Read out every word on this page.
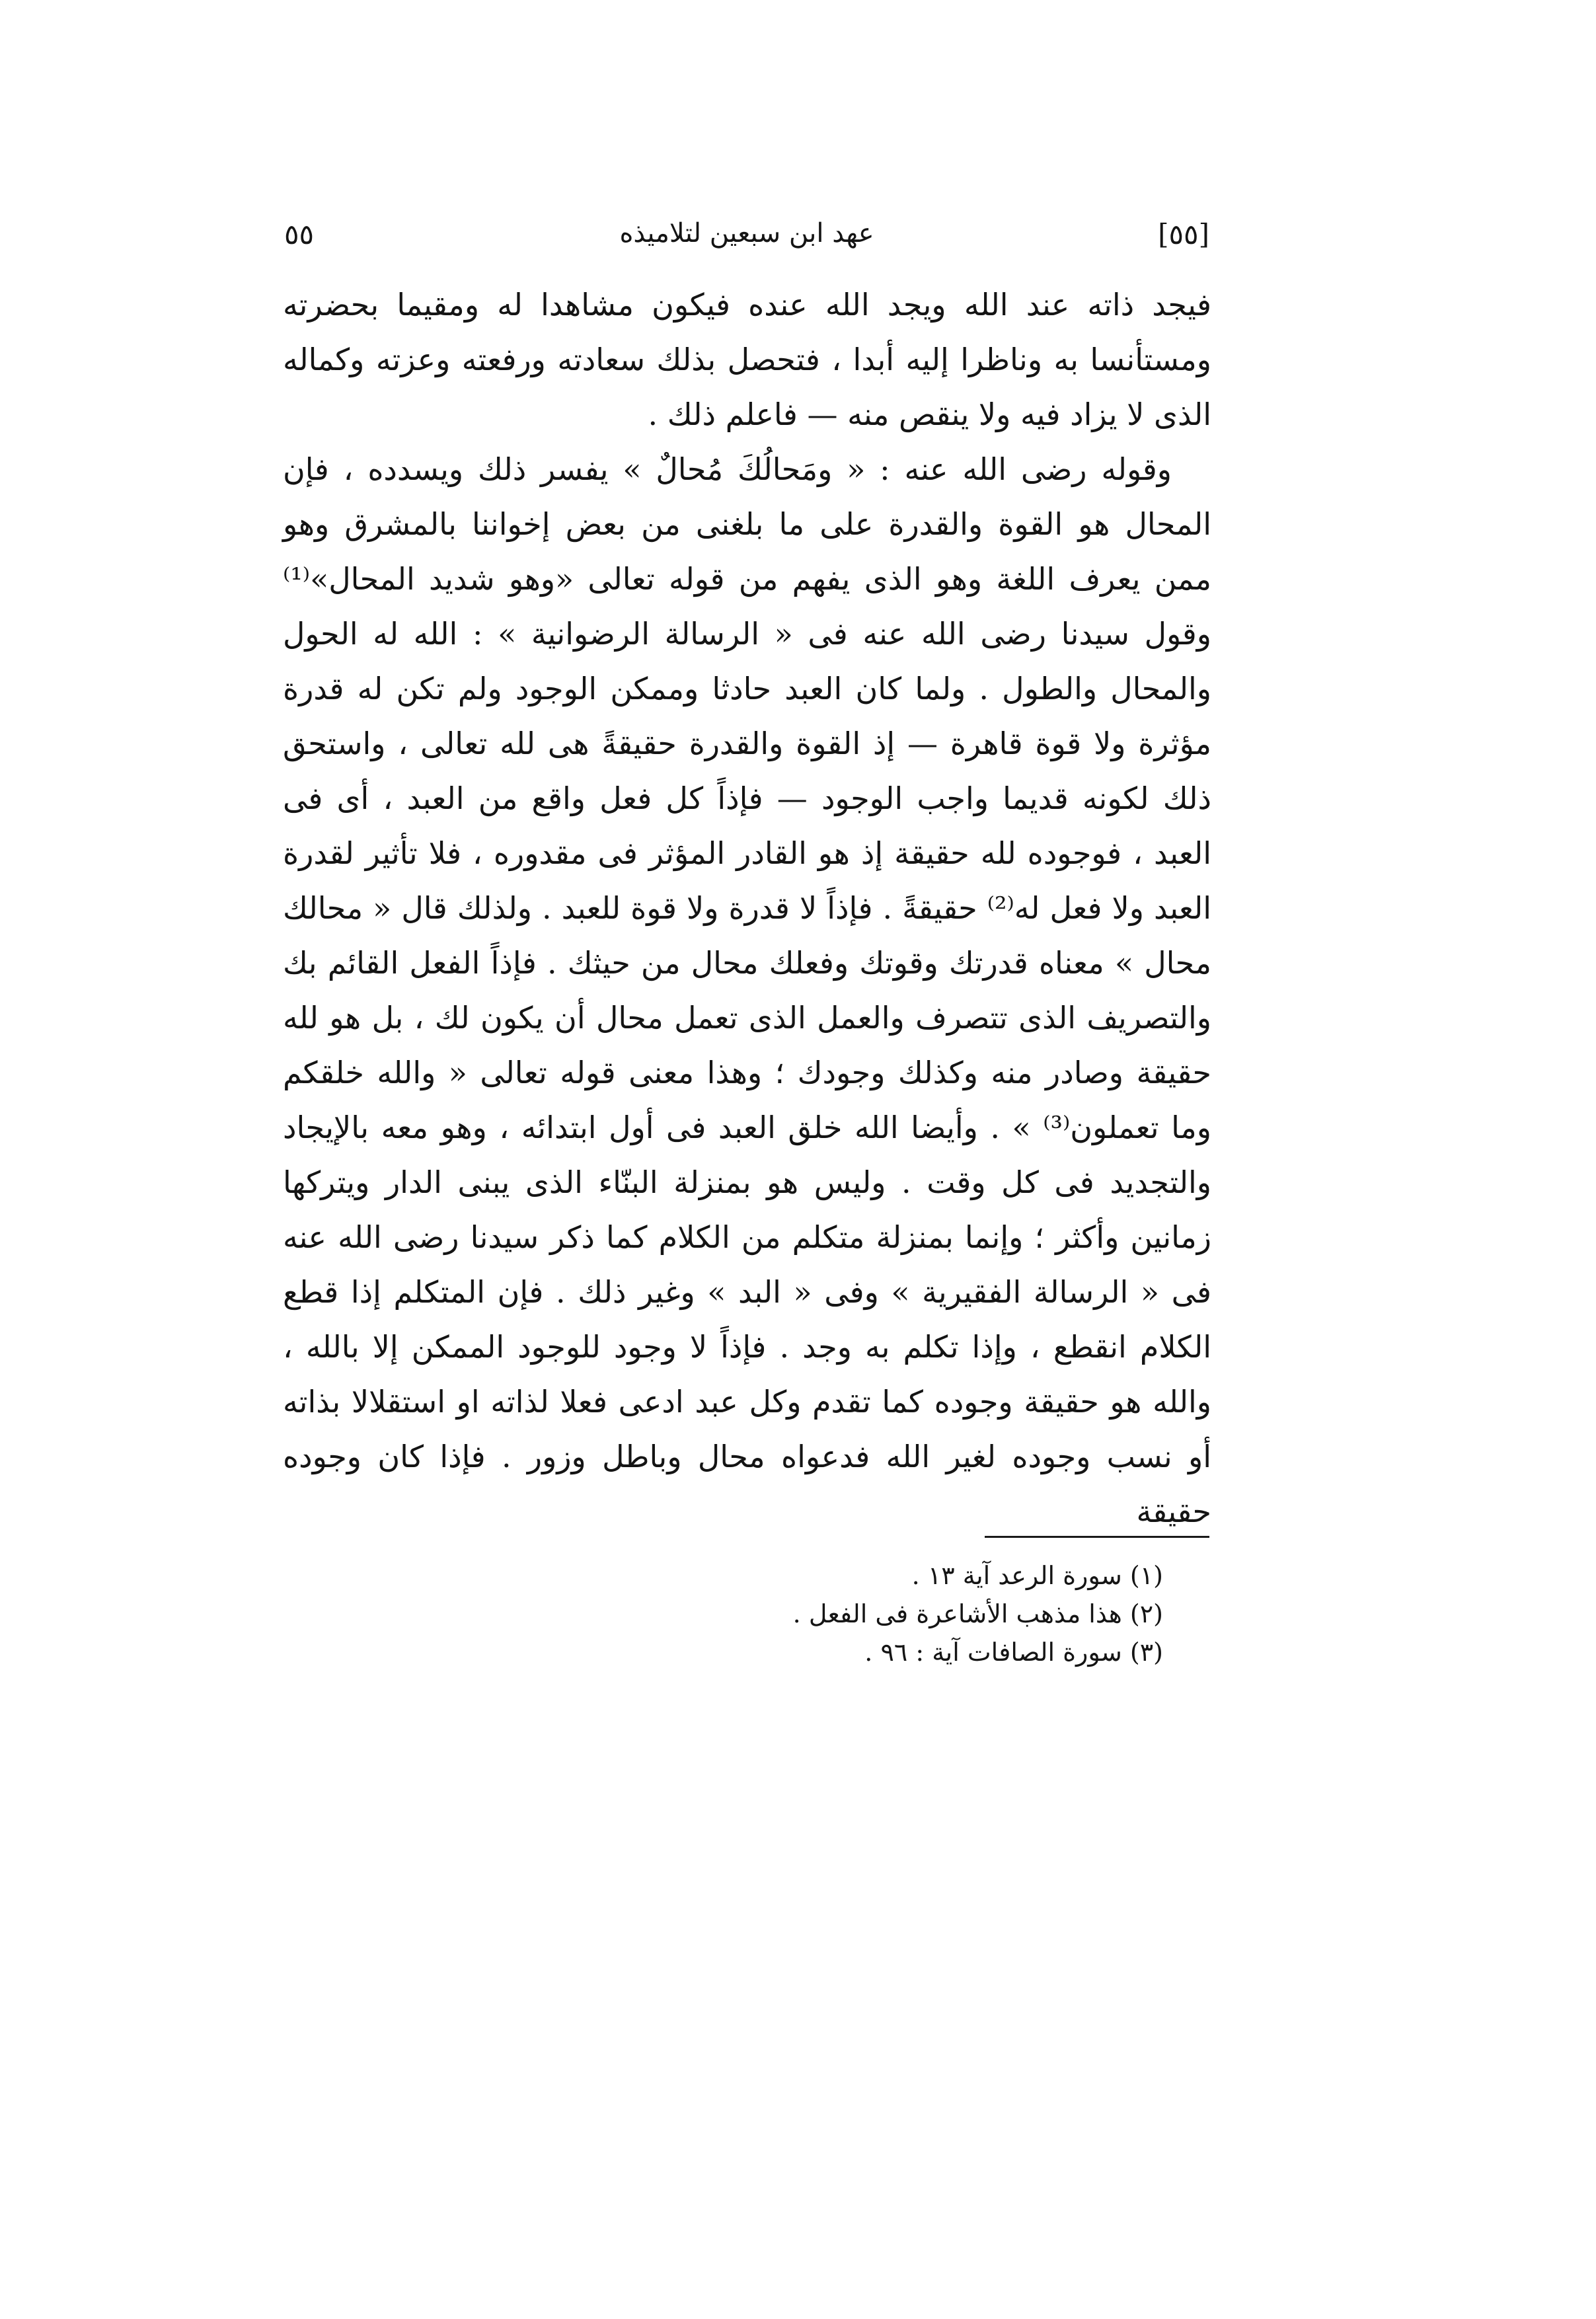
[٥٥]
عهد ابن سبعين لتلاميذه
٥٥

فيجد ذاته عند الله ويجد الله عنده فيكون مشاهدا له ومقيما بحضرته ومستأنسا به وناظرا إليه أبدا ، فتحصل بذلك سعادته ورفعته وعزته وكماله الذى لا يزاد فيه ولا ينقص منه — فاعلم ذلك .

وقوله رضى الله عنه : « ومَحالُكَ مُحالٌ » يفسر ذلك ويسدده ، فإن المحال هو القوة والقدرة على ما بلغنى من بعض إخواننا بالمشرق وهو ممن يعرف اللغة وهو الذى يفهم من قوله تعالى «وهو شديد المحال»⁽¹⁾ وقول سيدنا رضى الله عنه فى « الرسالة الرضوانية » : الله له الحول والمحال والطول . ولما كان العبد حادثا وممكن الوجود ولم تكن له قدرة مؤثرة ولا قوة قاهرة — إذ القوة والقدرة حقيقةً هى لله تعالى ، واستحق ذلك لكونه قديما واجب الوجود — فإذاً كل فعل واقع من العبد ، أى فى العبد ، فوجوده لله حقيقة إذ هو القادر المؤثر فى مقدوره ، فلا تأثير لقدرة العبد ولا فعل له⁽²⁾ حقيقةً . فإذاً لا قدرة ولا قوة للعبد . ولذلك قال « محالك محال » معناه قدرتك وقوتك وفعلك محال من حيثك . فإذاً الفعل القائم بك والتصريف الذى تتصرف والعمل الذى تعمل محال أن يكون لك ، بل هو لله حقيقة وصادر منه وكذلك وجودك ؛ وهذا معنى قوله تعالى « والله خلقكم وما تعملون⁽³⁾ » . وأيضا الله خلق العبد فى أول ابتدائه ، وهو معه بالإيجاد والتجديد فى كل وقت . وليس هو بمنزلة البنّاء الذى يبنى الدار ويتركها زمانين وأكثر ؛ وإنما بمنزلة متكلم من الكلام كما ذكر سيدنا رضى الله عنه فى « الرسالة الفقيرية » وفى « البد » وغير ذلك . فإن المتكلم إذا قطع الكلام انقطع ، وإذا تكلم به وجد . فإذاً لا وجود للوجود الممكن إلا بالله ، والله هو حقيقة وجوده كما تقدم وكل عبد ادعى فعلا لذاته او استقلالا بذاته أو نسب وجوده لغير الله فدعواه محال وباطل وزور . فإذا كان وجوده حقيقة

(١) سورة الرعد آية ١٣ .
(٢) هذا مذهب الأشاعرة فى الفعل .
(٣) سورة الصافات آية : ٩٦ .
